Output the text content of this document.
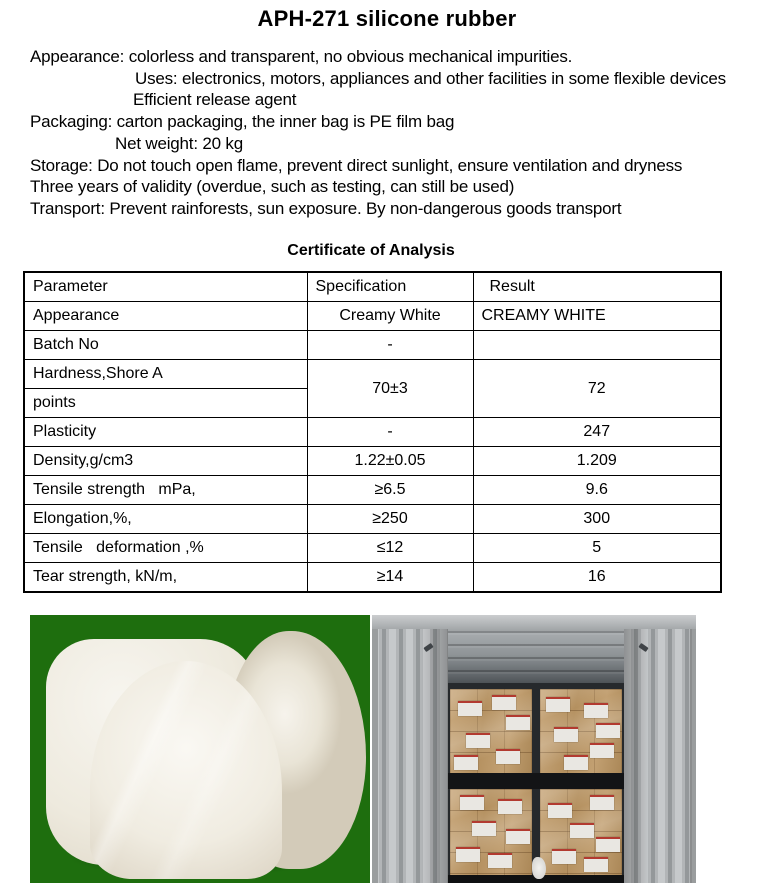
APH-271 silicone rubber
Appearance: colorless and transparent, no obvious mechanical impurities.
Uses: electronics, motors, appliances and other facilities in some flexible devices
Efficient release agent
Packaging: carton packaging, the inner bag is PE film bag
Net weight: 20 kg
Storage: Do not touch open flame, prevent direct sunlight, ensure ventilation and dryness
Three years of validity (overdue, such as testing, can still be used)
Transport: Prevent rainforests, sun exposure. By non-dangerous goods transport
Certificate of Analysis
Parameter	Specification	Result
Appearance	Creamy White	CREAMY WHITE
Batch No	-	
Hardness,Shore A	70±3	72
points		
Plasticity	-	247
Density,g/cm3	1.22±0.05	1.209
Tensile strength   mPa,	≥6.5	9.6
Elongation,%,	≥250	300
Tensile   deformation ,%	≤12	5
Tear strength, kN/m,	≥14	16
